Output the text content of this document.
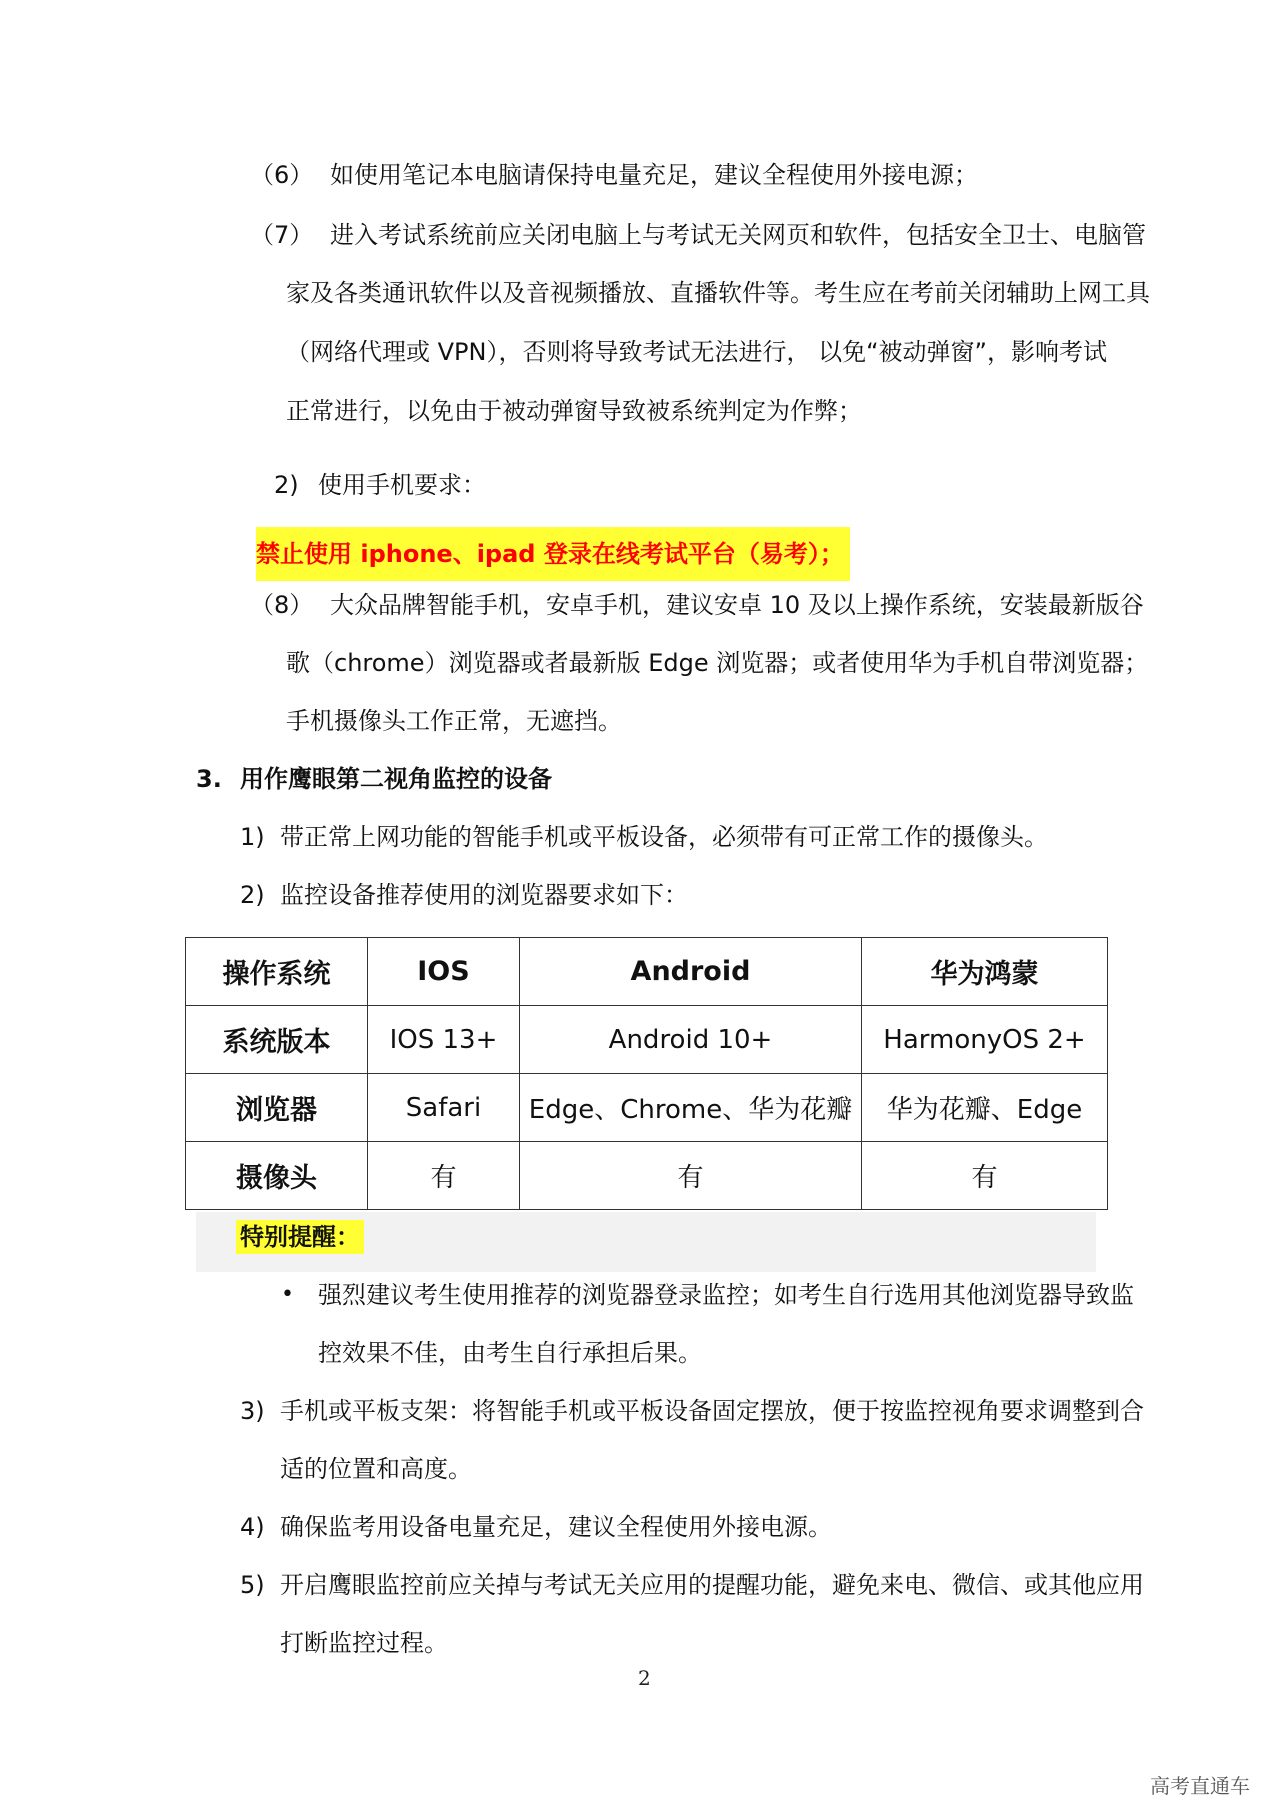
（6） 如使用笔记本电脑请保持电量充足，建议全程使用外接电源；
（7） 进入考试系统前应关闭电脑上与考试无关网页和软件，包括安全卫士、电脑管
家及各类通讯软件以及音视频播放、直播软件等。考生应在考前关闭辅助上网工具
（网络代理或 VPN），否则将导致考试无法进行， 以免“被动弹窗”，影响考试
正常进行，以免由于被动弹窗导致被系统判定为作弊；
2) 使用手机要求：
禁止使用 iphone、ipad 登录在线考试平台（易考）；
（8） 大众品牌智能手机，安卓手机，建议安卓 10 及以上操作系统，安装最新版谷
歌（chrome）浏览器或者最新版 Edge 浏览器；或者使用华为手机自带浏览器；
手机摄像头工作正常，无遮挡。
3. 用作鹰眼第二视角监控的设备
1) 带正常上网功能的智能手机或平板设备，必须带有可正常工作的摄像头。
2) 监控设备推荐使用的浏览器要求如下：
操作系统	IOS	Android	华为鸿蒙
系统版本	IOS 13+	Android 10+	HarmonyOS 2+
浏览器	Safari	Edge、Chrome、华为花瓣	华为花瓣、Edge
摄像头	有	有	有
特别提醒：
• 强烈建议考生使用推荐的浏览器登录监控；如考生自行选用其他浏览器导致监
控效果不佳，由考生自行承担后果。
3) 手机或平板支架：将智能手机或平板设备固定摆放，便于按监控视角要求调整到合
适的位置和高度。
4) 确保监考用设备电量充足，建议全程使用外接电源。
5) 开启鹰眼监控前应关掉与考试无关应用的提醒功能，避免来电、微信、或其他应用
打断监控过程。
2
高考直通车
